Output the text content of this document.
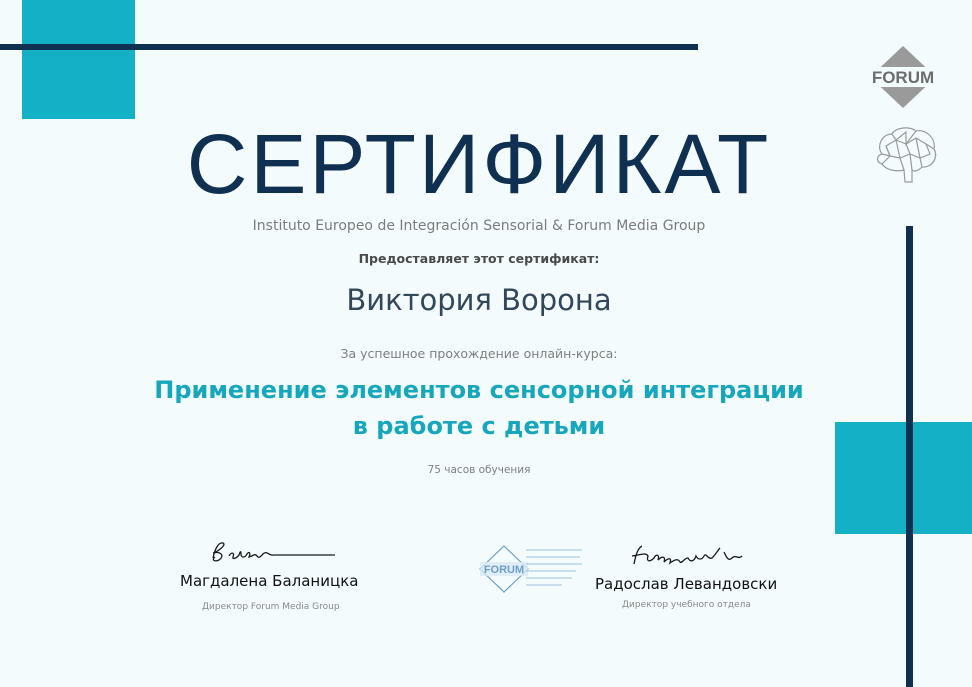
FORUM
СЕРТИФИКАТ
Instituto Europeo de Integración Sensorial & Forum Media Group
Предоставляет этот сертификат:
Виктория Ворона
За успешное прохождение онлайн-курса:
Применение элементов сенсорной интеграции
в работе с детьми
75 часов обучения
Магдалена Баланицка
Директор Forum Media Group
FORUM
Радослав Левандовски
Директор учебного отдела
